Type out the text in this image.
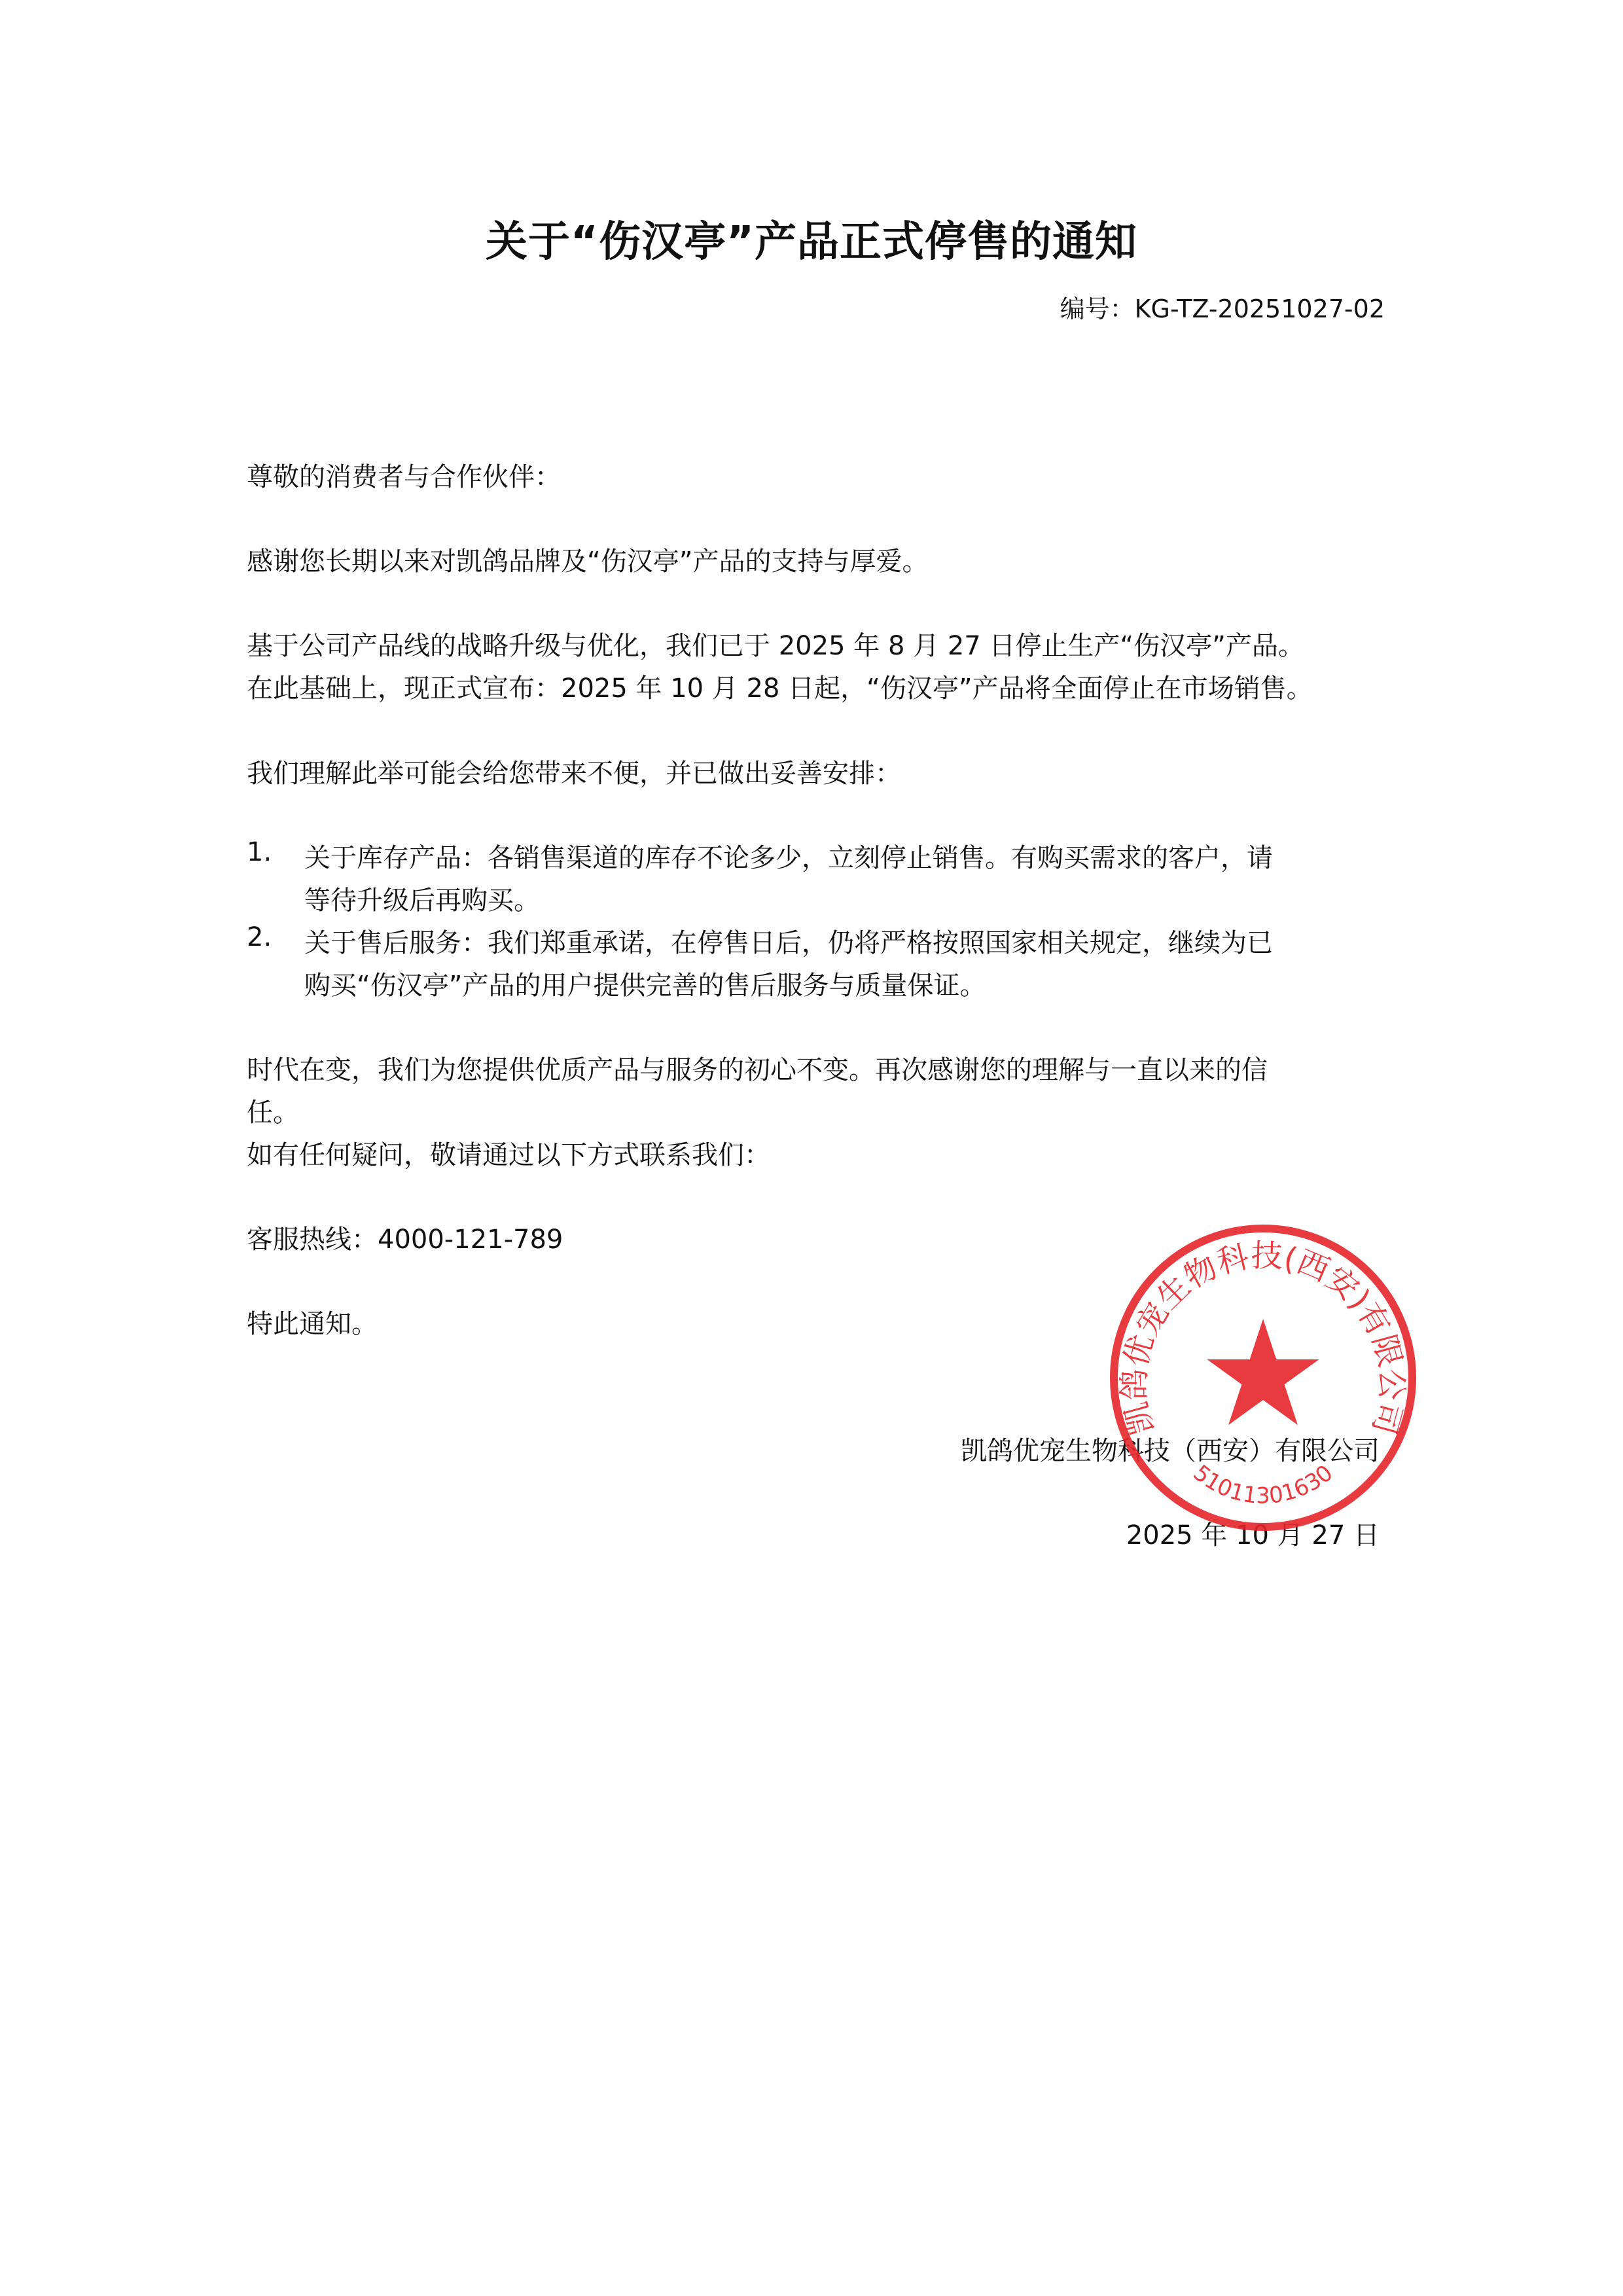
关于“伤汉亭”产品正式停售的通知
编号：KG-TZ-20251027-02
尊敬的消费者与合作伙伴：
感谢您长期以来对凯鸽品牌及“伤汉亭”产品的支持与厚爱。
基于公司产品线的战略升级与优化，我们已于 2025 年 8 月 27 日停止生产“伤汉亭”产品。
在此基础上，现正式宣布：2025 年 10 月 28 日起，“伤汉亭”产品将全面停止在市场销售。
我们理解此举可能会给您带来不便，并已做出妥善安排：
1. 关于库存产品：各销售渠道的库存不论多少，立刻停止销售。有购买需求的客户，请
等待升级后再购买。
2. 关于售后服务：我们郑重承诺，在停售日后，仍将严格按照国家相关规定，继续为已
购买“伤汉亭”产品的用户提供完善的售后服务与质量保证。
时代在变，我们为您提供优质产品与服务的初心不变。再次感谢您的理解与一直以来的信
任。
如有任何疑问，敬请通过以下方式联系我们：
客服热线：4000-121-789
特此通知。
凯鸽优宠生物科技（西安）有限公司
2025 年 10 月 27 日
凯鸽优宠生物科技(西安)有限公司
51011301630
